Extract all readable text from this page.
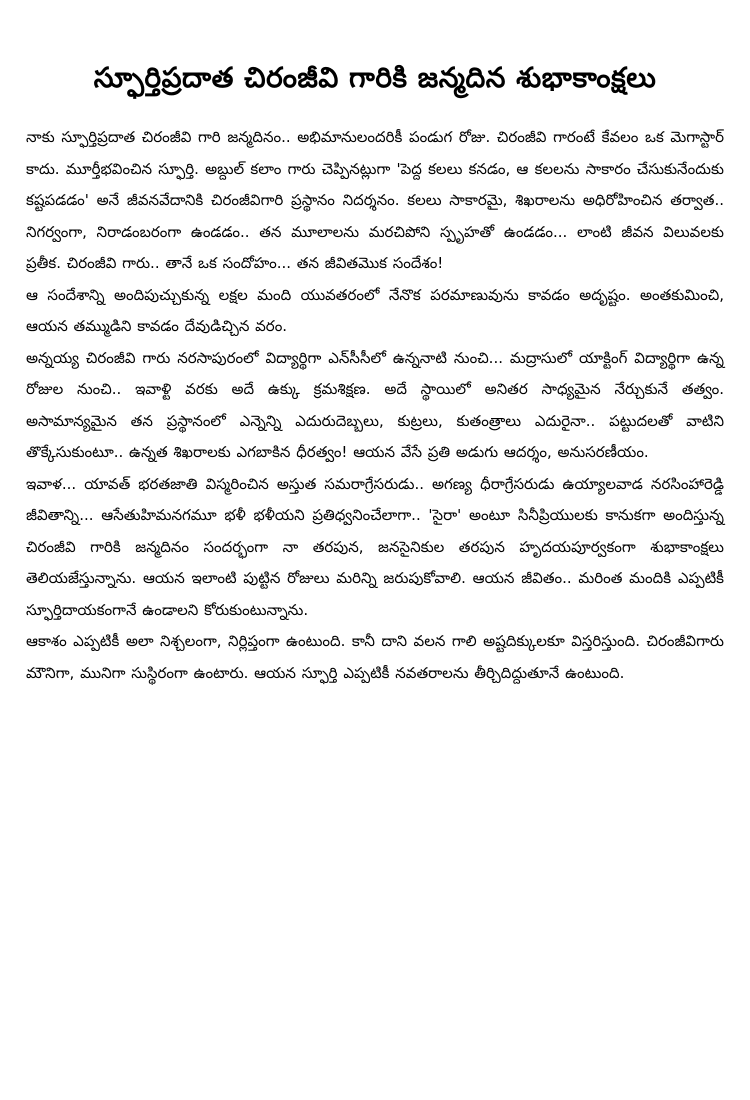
స్ఫూర్తిప్రదాత చిరంజీవి గారికి జన్మదిన శుభాకాంక్షలు

నాకు స్ఫూర్తిప్రదాత చిరంజీవి గారి జన్మదినం.. అభిమానులందరికీ పండుగ రోజు. చిరంజీవి గారంటే కేవలం ఒక మెగాస్టార్ కాదు. మూర్తీభవించిన స్ఫూర్తి. అబ్దుల్ కలాం గారు చెప్పినట్లుగా 'పెద్ద కలలు కనడం, ఆ కలలను సాకారం చేసుకునేందుకు కష్టపడడం' అనే జీవనవేదానికి చిరంజీవిగారి ప్రస్థానం నిదర్శనం. కలలు సాకారమై, శిఖరాలను అధిరోహించిన తర్వాత.. నిగర్వంగా, నిరాడంబరంగా ఉండడం.. తన మూలాలను మరచిపోని స్పృహతో ఉండడం... లాంటి జీవన విలువలకు ప్రతీక. చిరంజీవి గారు.. తానే ఒక సందోహం... తన జీవితమొక సందేశం!

ఆ సందేశాన్ని అందిపుచ్చుకున్న లక్షల మంది యువతరంలో నేనొక పరమాణువును కావడం అదృష్టం. అంతకుమించి, ఆయన తమ్ముడిని కావడం దేవుడిచ్చిన వరం.

అన్నయ్య చిరంజీవి గారు నరసాపురంలో విద్యార్థిగా ఎన్‌సీసీలో ఉన్ననాటి నుంచి... మద్రాసులో యాక్టింగ్ విద్యార్థిగా ఉన్న రోజుల నుంచి.. ఇవాళ్టి వరకు అదే ఉక్కు క్రమశిక్షణ. అదే స్థాయిలో అనితర సాధ్యమైన నేర్చుకునే తత్వం. అసామాన్యమైన తన ప్రస్థానంలో ఎన్నెన్ని ఎదురుదెబ్బలు, కుట్రలు, కుతంత్రాలు ఎదురైనా.. పట్టుదలతో వాటిని తొక్కేసుకుంటూ.. ఉన్నత శిఖరాలకు ఎగబాకిన ధీరత్వం! ఆయన వేసే ప్రతి అడుగు ఆదర్శం, అనుసరణీయం.

ఇవాళ... యావత్ భరతజాతి విస్మరించిన అస్తుత సమరాగ్రేసరుడు.. అగణ్య ధీరాగ్రేసరుడు ఉయ్యాలవాడ నరసింహారెడ్డి జీవితాన్ని... ఆసేతుహిమనగమూ భళీ భళీయని ప్రతిధ్వనించేలాగా.. 'సైరా' అంటూ సినీప్రియులకు కానుకగా అందిస్తున్న చిరంజీవి గారికి జన్మదినం సందర్భంగా నా తరపున, జనసైనికుల తరపున హృదయపూర్వకంగా శుభాకాంక్షలు తెలియజేస్తున్నాను. ఆయన ఇలాంటి పుట్టిన రోజులు మరిన్ని జరుపుకోవాలి. ఆయన జీవితం.. మరింత మందికి ఎప్పటికీ స్ఫూర్తిదాయకంగానే ఉండాలని కోరుకుంటున్నాను.

ఆకాశం ఎప్పటికీ అలా నిశ్చలంగా, నిర్లిప్తంగా ఉంటుంది. కానీ దాని వలన గాలి అష్టదిక్కులకూ విస్తరిస్తుంది. చిరంజీవిగారు మౌనిగా, మునిగా సుస్థిరంగా ఉంటారు. ఆయన స్ఫూర్తి ఎప్పటికీ నవతరాలను తీర్చిదిద్దుతూనే ఉంటుంది.
